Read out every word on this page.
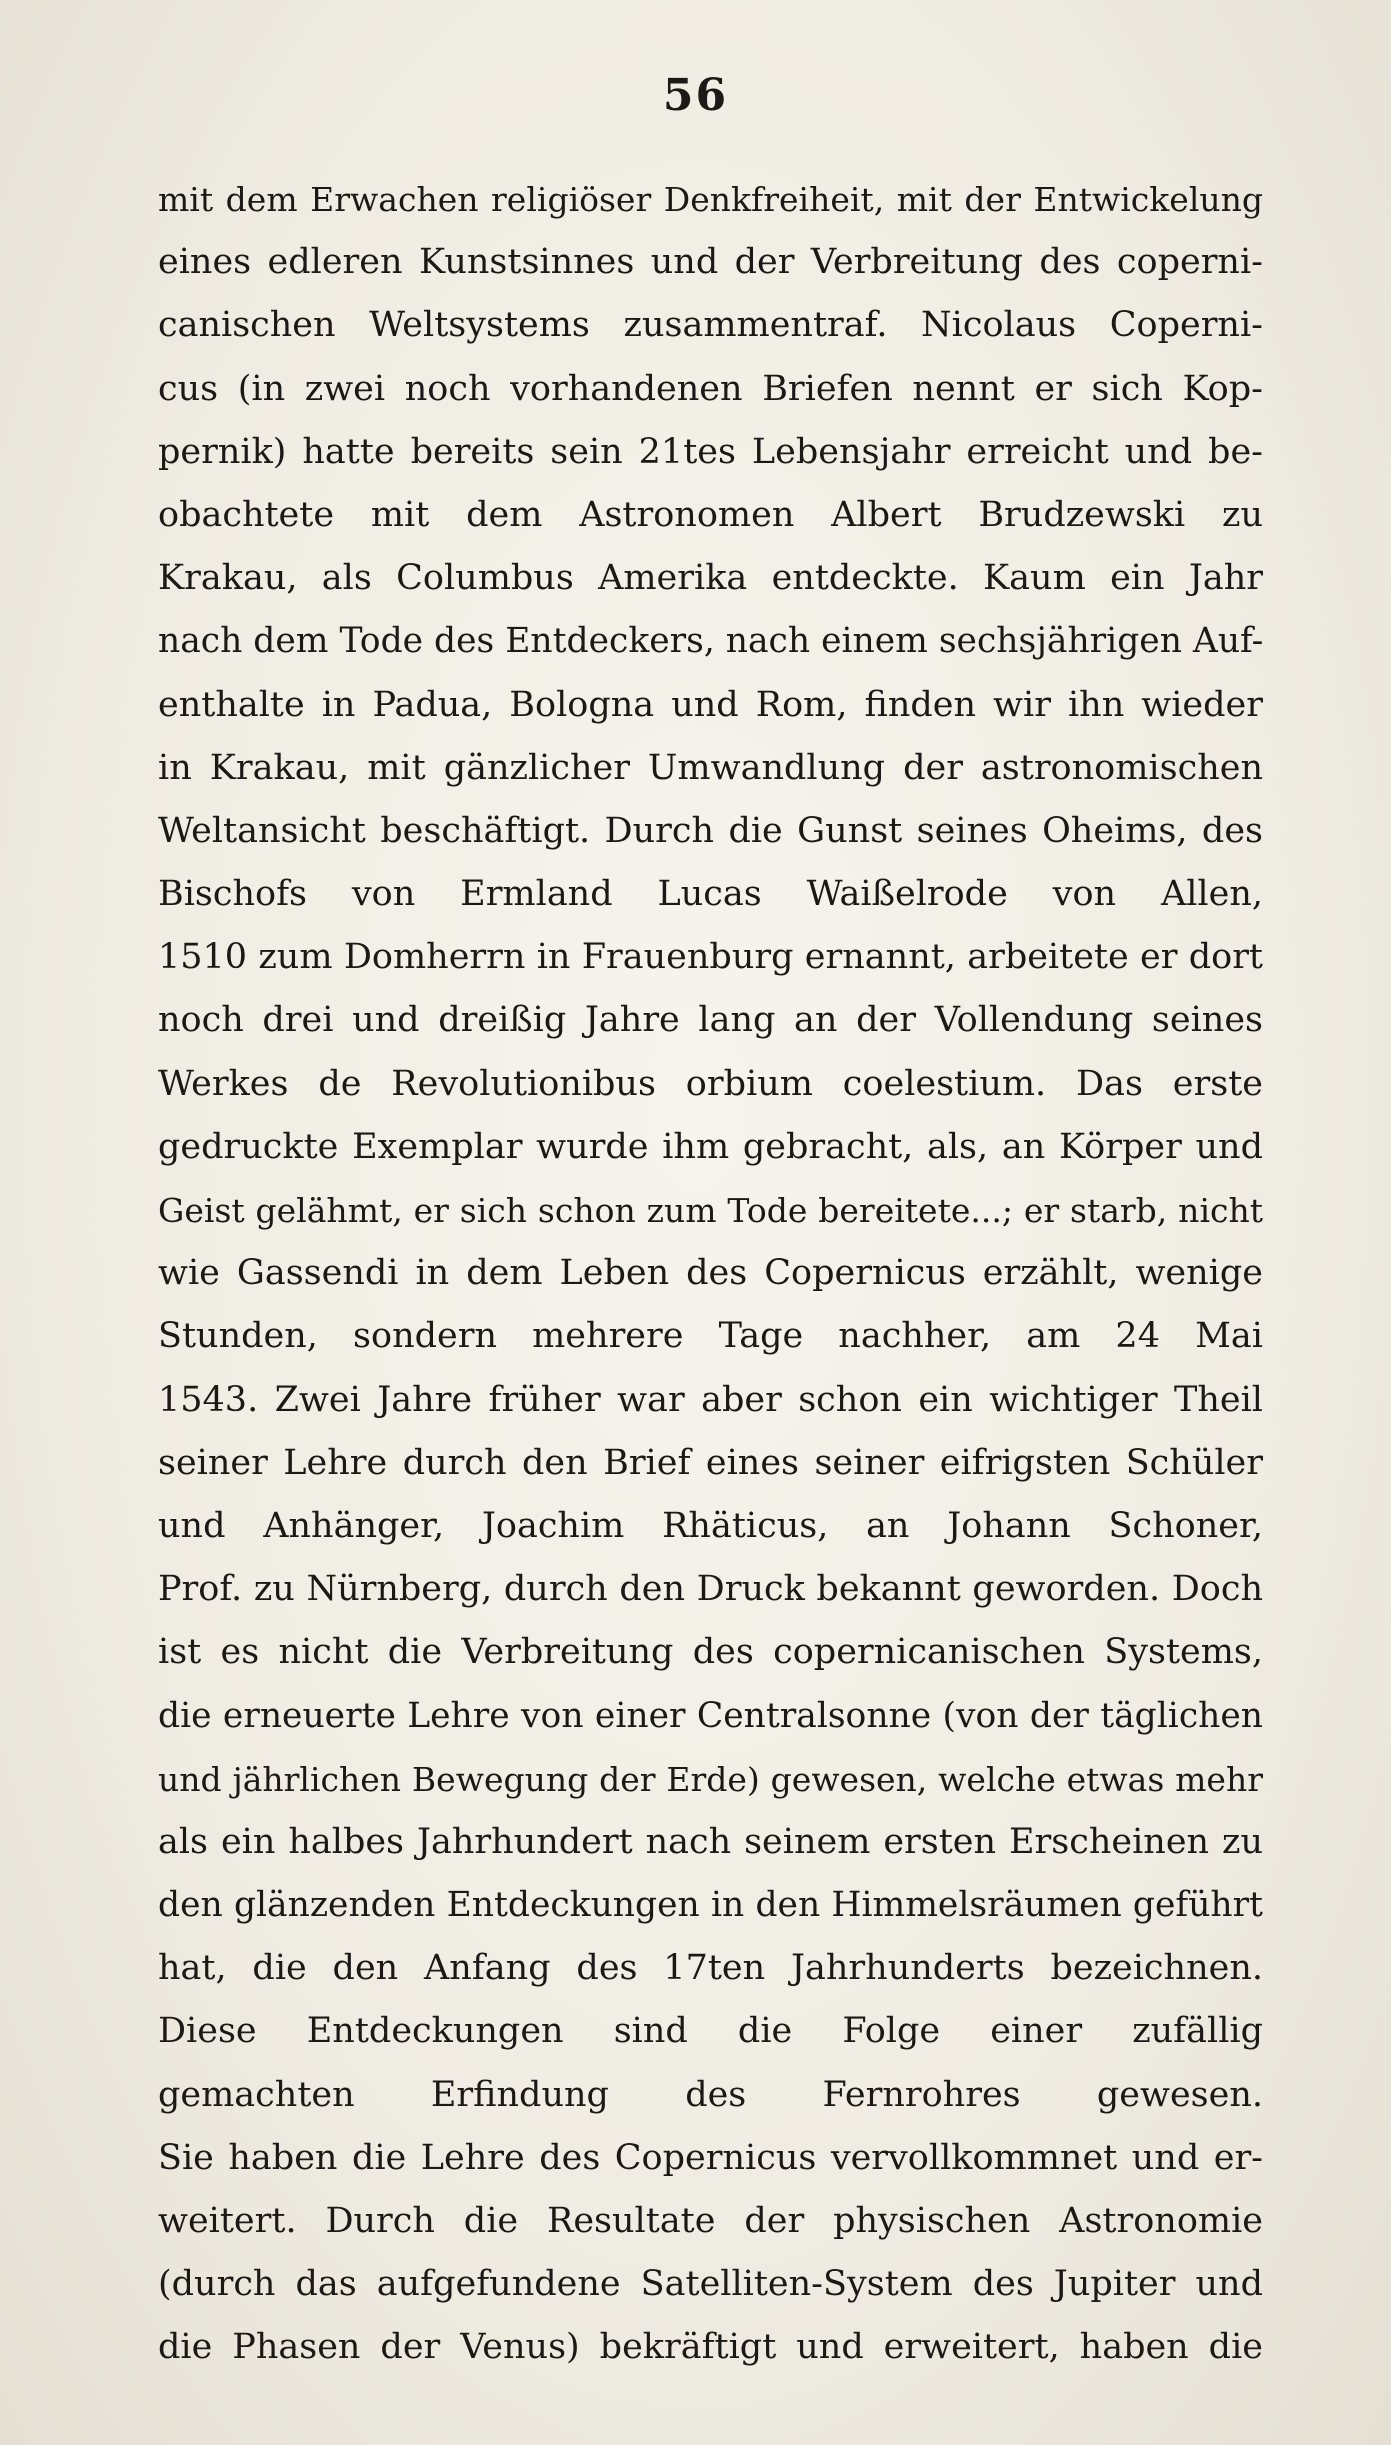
56
mit dem Erwachen religiöser Denkfreiheit, mit der Entwickelung
eines edleren Kunstsinnes und der Verbreitung des coperni-
canischen Weltsystems zusammentraf. Nicolaus Coperni-
cus (in zwei noch vorhandenen Briefen nennt er sich Kop-
pernik) hatte bereits sein 21tes Lebensjahr erreicht und be-
obachtete mit dem Astronomen Albert Brudzewski zu
Krakau, als Columbus Amerika entdeckte. Kaum ein Jahr
nach dem Tode des Entdeckers, nach einem sechsjährigen Auf-
enthalte in Padua, Bologna und Rom, finden wir ihn wieder
in Krakau, mit gänzlicher Umwandlung der astronomischen
Weltansicht beschäftigt. Durch die Gunst seines Oheims, des
Bischofs von Ermland Lucas Waißelrode von Allen,
1510 zum Domherrn in Frauenburg ernannt, arbeitete er dort
noch drei und dreißig Jahre lang an der Vollendung seines
Werkes de Revolutionibus orbium coelestium. Das erste
gedruckte Exemplar wurde ihm gebracht, als, an Körper und
Geist gelähmt, er sich schon zum Tode bereitete...; er starb, nicht
wie Gassendi in dem Leben des Copernicus erzählt, wenige
Stunden, sondern mehrere Tage nachher, am 24 Mai
1543. Zwei Jahre früher war aber schon ein wichtiger Theil
seiner Lehre durch den Brief eines seiner eifrigsten Schüler
und Anhänger, Joachim Rhäticus, an Johann Schoner,
Prof. zu Nürnberg, durch den Druck bekannt geworden. Doch
ist es nicht die Verbreitung des copernicanischen Systems,
die erneuerte Lehre von einer Centralsonne (von der täglichen
und jährlichen Bewegung der Erde) gewesen, welche etwas mehr
als ein halbes Jahrhundert nach seinem ersten Erscheinen zu
den glänzenden Entdeckungen in den Himmelsräumen geführt
hat, die den Anfang des 17ten Jahrhunderts bezeichnen.
Diese Entdeckungen sind die Folge einer zufällig
gemachten Erfindung des Fernrohres gewesen.
Sie haben die Lehre des Copernicus vervollkommnet und er-
weitert. Durch die Resultate der physischen Astronomie
(durch das aufgefundene Satelliten-System des Jupiter und
die Phasen der Venus) bekräftigt und erweitert, haben die
